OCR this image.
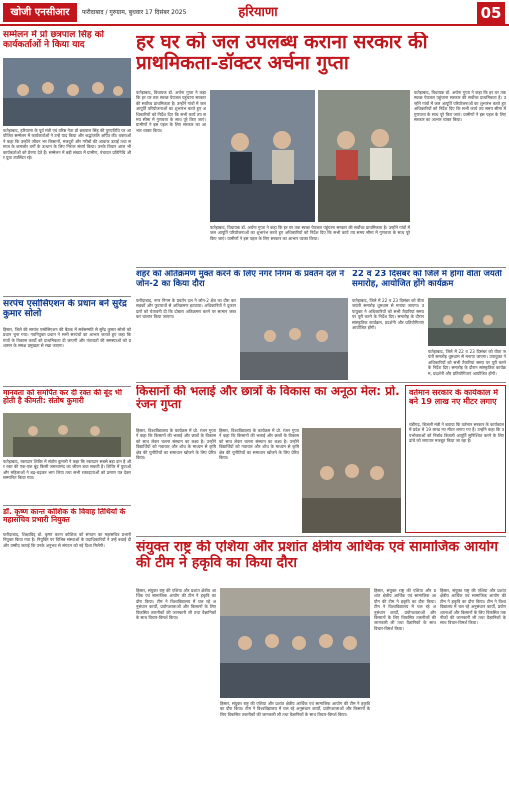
खोजी एनसीआर	फरीदाबाद / गुरुग्राम, बुधवार 17 दिसंबर 2025	हरियाणा	05
सम्मेलन में प्रो छत्रपाल सिंह को कार्यकर्ताओं ने किया याद
फतेहाबाद, हरियाणा के पूर्व मंत्री एवं वरिष्ठ नेता प्रो छत्रपाल सिंह की पुण्यतिथि पर आयोजित सम्मेलन में कार्यकर्ताओं ने उन्हें याद किया और श्रद्धांजलि अर्पित की। वक्ताओं ने कहा कि उन्होंने जीवन भर किसानों, मजदूरों और गरीबों की आवाज उठाई तथा समाज के कमजोर वर्गों के उत्थान के लिए निरंतर संघर्ष किया। उनके विचार आज भी कार्यकर्ताओं को प्रेरणा देते हैं। सम्मेलन में बड़ी संख्या में ग्रामीण, पंचायत प्रतिनिधि और युवा उपस्थित रहे।
सरपंच एसोसिएशन के प्रधान बने सुरेंद्र कुमार सोलो
हिसार, जिले की सरपंच एसोसिएशन की बैठक में सर्वसम्मति से सुरेंद्र कुमार सोलो को प्रधान चुना गया। नवनियुक्त प्रधान ने सभी सरपंचों का आभार जताते हुए कहा कि गांवों के विकास कार्यों को प्राथमिकता दी जाएगी और पंचायतों की समस्याओं को प्रशासन के समक्ष प्रमुखता से रखा जाएगा।
मानवता को समर्पित कर दी रक्त की बूंद भी होती है कीमती: संतोष कुमारी
फतेहाबाद, रक्तदान शिविर में संतोष कुमारी ने कहा कि रक्तदान सबसे बड़ा दान है और रक्त की एक-एक बूंद किसी जरूरतमंद का जीवन बचा सकती है। शिविर में युवाओं और महिलाओं ने बढ़-चढ़कर भाग लिया तथा सभी रक्तदाताओं को प्रमाण पत्र देकर सम्मानित किया गया।
डॉ. कृष्ण कान्त कोशिक के विवाह तिथियों के महासचिव प्रभारी नियुक्त
फरीदाबाद, शिक्षाविद् डॉ. कृष्ण कान्त कोशिक को संगठन का महासचिव प्रभारी नियुक्त किया गया है। नियुक्ति पर विभिन्न संस्थाओं के पदाधिकारियों ने उन्हें बधाई दी और उम्मीद जताई कि उनके अनुभव से संगठन को नई दिशा मिलेगी।
हर घर को जल उपलब्ध कराना सरकार की प्राथमिकता-डॉक्टर अर्चना गुप्ता
फतेहाबाद, विधायक डॉ. अर्चना गुप्ता ने कहा कि हर घर तक स्वच्छ पेयजल पहुंचाना सरकार की सर्वोच्च प्राथमिकता है। उन्होंने गांवों में जल आपूर्ति परियोजनाओं का शुभारंभ करते हुए अधिकारियों को निर्देश दिए कि सभी कार्य तय समय सीमा में गुणवत्ता के साथ पूरे किए जाएं। ग्रामीणों ने इस पहल के लिए सरकार का आभार व्यक्त किया।
फतेहाबाद, विधायक डॉ. अर्चना गुप्ता ने कहा कि हर घर तक स्वच्छ पेयजल पहुंचाना सरकार की सर्वोच्च प्राथमिकता है। उन्होंने गांवों में जल आपूर्ति परियोजनाओं का शुभारंभ करते हुए अधिकारियों को निर्देश दिए कि सभी कार्य तय समय सीमा में गुणवत्ता के साथ पूरे किए जाएं। ग्रामीणों ने इस पहल के लिए सरकार का आभार व्यक्त किया।
फतेहाबाद, विधायक डॉ. अर्चना गुप्ता ने कहा कि हर घर तक स्वच्छ पेयजल पहुंचाना सरकार की सर्वोच्च प्राथमिकता है। उन्होंने गांवों में जल आपूर्ति परियोजनाओं का शुभारंभ करते हुए अधिकारियों को निर्देश दिए कि सभी कार्य तय समय सीमा में गुणवत्ता के साथ पूरे किए जाएं। ग्रामीणों ने इस पहल के लिए सरकार का आभार व्यक्त किया।
शहर को अतिक्रमण मुक्त करने के लिए नगर निगम के प्रवर्तन दल ने जोन-2 का किया दौरा
फरीदाबाद, नगर निगम के प्रवर्तन दल ने जोन-2 क्षेत्र का दौरा कर सड़कों और फुटपाथों से अतिक्रमण हटवाया। अधिकारियों ने दुकानदारों को चेतावनी दी कि दोबारा अतिक्रमण करने पर सामान जब्त कर चालान किया जाएगा।
22 व 23 दिसंबर को जिले में होगा वीता जयंती समारोह, आयोजित होंगे कार्यक्रम
फतेहाबाद, जिले में 22 व 23 दिसंबर को वीता जयंती समारोह धूमधाम से मनाया जाएगा। उपायुक्त ने अधिकारियों को सभी तैयारियां समय पर पूरी करने के निर्देश दिए। समारोह के दौरान सांस्कृतिक कार्यक्रम, प्रदर्शनी और प्रतियोगिताएं आयोजित होंगी।
फतेहाबाद, जिले में 22 व 23 दिसंबर को वीता जयंती समारोह धूमधाम से मनाया जाएगा। उपायुक्त ने अधिकारियों को सभी तैयारियां समय पर पूरी करने के निर्देश दिए। समारोह के दौरान सांस्कृतिक कार्यक्रम, प्रदर्शनी और प्रतियोगिताएं आयोजित होंगी।
किसानों की भलाई और छात्रों के विकास का अनूठा मेल: प्रो. रंजन गुप्ता
हिसार, विश्वविद्यालय के कार्यक्रम में प्रो. रंजन गुप्ता ने कहा कि किसानों की भलाई और छात्रों के विकास को साथ लेकर चलना संस्थान का लक्ष्य है। उन्होंने विद्यार्थियों को नवाचार और शोध के माध्यम से कृषि क्षेत्र की चुनौतियों का समाधान खोजने के लिए प्रेरित किया।
हिसार, विश्वविद्यालय के कार्यक्रम में प्रो. रंजन गुप्ता ने कहा कि किसानों की भलाई और छात्रों के विकास को साथ लेकर चलना संस्थान का लक्ष्य है। उन्होंने विद्यार्थियों को नवाचार और शोध के माध्यम से कृषि क्षेत्र की चुनौतियों का समाधान खोजने के लिए प्रेरित किया।
वर्तमान सरकार के कार्यकाल में बने 19 लाख नए मीटर लगाए
चंडीगढ़, बिजली मंत्री ने बताया कि वर्तमान सरकार के कार्यकाल में प्रदेश में 19 लाख नए मीटर लगाए गए हैं। उन्होंने कहा कि उपभोक्ताओं को निर्बाध बिजली आपूर्ति सुनिश्चित करने के लिए ढांचे को लगातार मजबूत किया जा रहा है।
संयुक्त राष्ट्र की एशिया और प्रशांत क्षेत्रीय आर्थिक एवं सामाजिक आयोग की टीम ने हकृवि का किया दौरा
हिसार, संयुक्त राष्ट्र की एशिया और प्रशांत क्षेत्रीय आर्थिक एवं सामाजिक आयोग की टीम ने हकृवि का दौरा किया। टीम ने विश्वविद्यालय में चल रहे अनुसंधान कार्यों, प्रयोगशालाओं और किसानों के लिए विकसित तकनीकों की जानकारी ली तथा वैज्ञानिकों के साथ विचार-विमर्श किया।
हिसार, संयुक्त राष्ट्र की एशिया और प्रशांत क्षेत्रीय आर्थिक एवं सामाजिक आयोग की टीम ने हकृवि का दौरा किया। टीम ने विश्वविद्यालय में चल रहे अनुसंधान कार्यों, प्रयोगशालाओं और किसानों के लिए विकसित तकनीकों की जानकारी ली तथा वैज्ञानिकों के साथ विचार-विमर्श किया।
हिसार, संयुक्त राष्ट्र की एशिया और प्रशांत क्षेत्रीय आर्थिक एवं सामाजिक आयोग की टीम ने हकृवि का दौरा किया। टीम ने विश्वविद्यालय में चल रहे अनुसंधान कार्यों, प्रयोगशालाओं और किसानों के लिए विकसित तकनीकों की जानकारी ली तथा वैज्ञानिकों के साथ विचार-विमर्श किया।
हिसार, संयुक्त राष्ट्र की एशिया और प्रशांत क्षेत्रीय आर्थिक एवं सामाजिक आयोग की टीम ने हकृवि का दौरा किया। टीम ने विश्वविद्यालय में चल रहे अनुसंधान कार्यों, प्रयोगशालाओं और किसानों के लिए विकसित तकनीकों की जानकारी ली तथा वैज्ञानिकों के साथ विचार-विमर्श किया।
